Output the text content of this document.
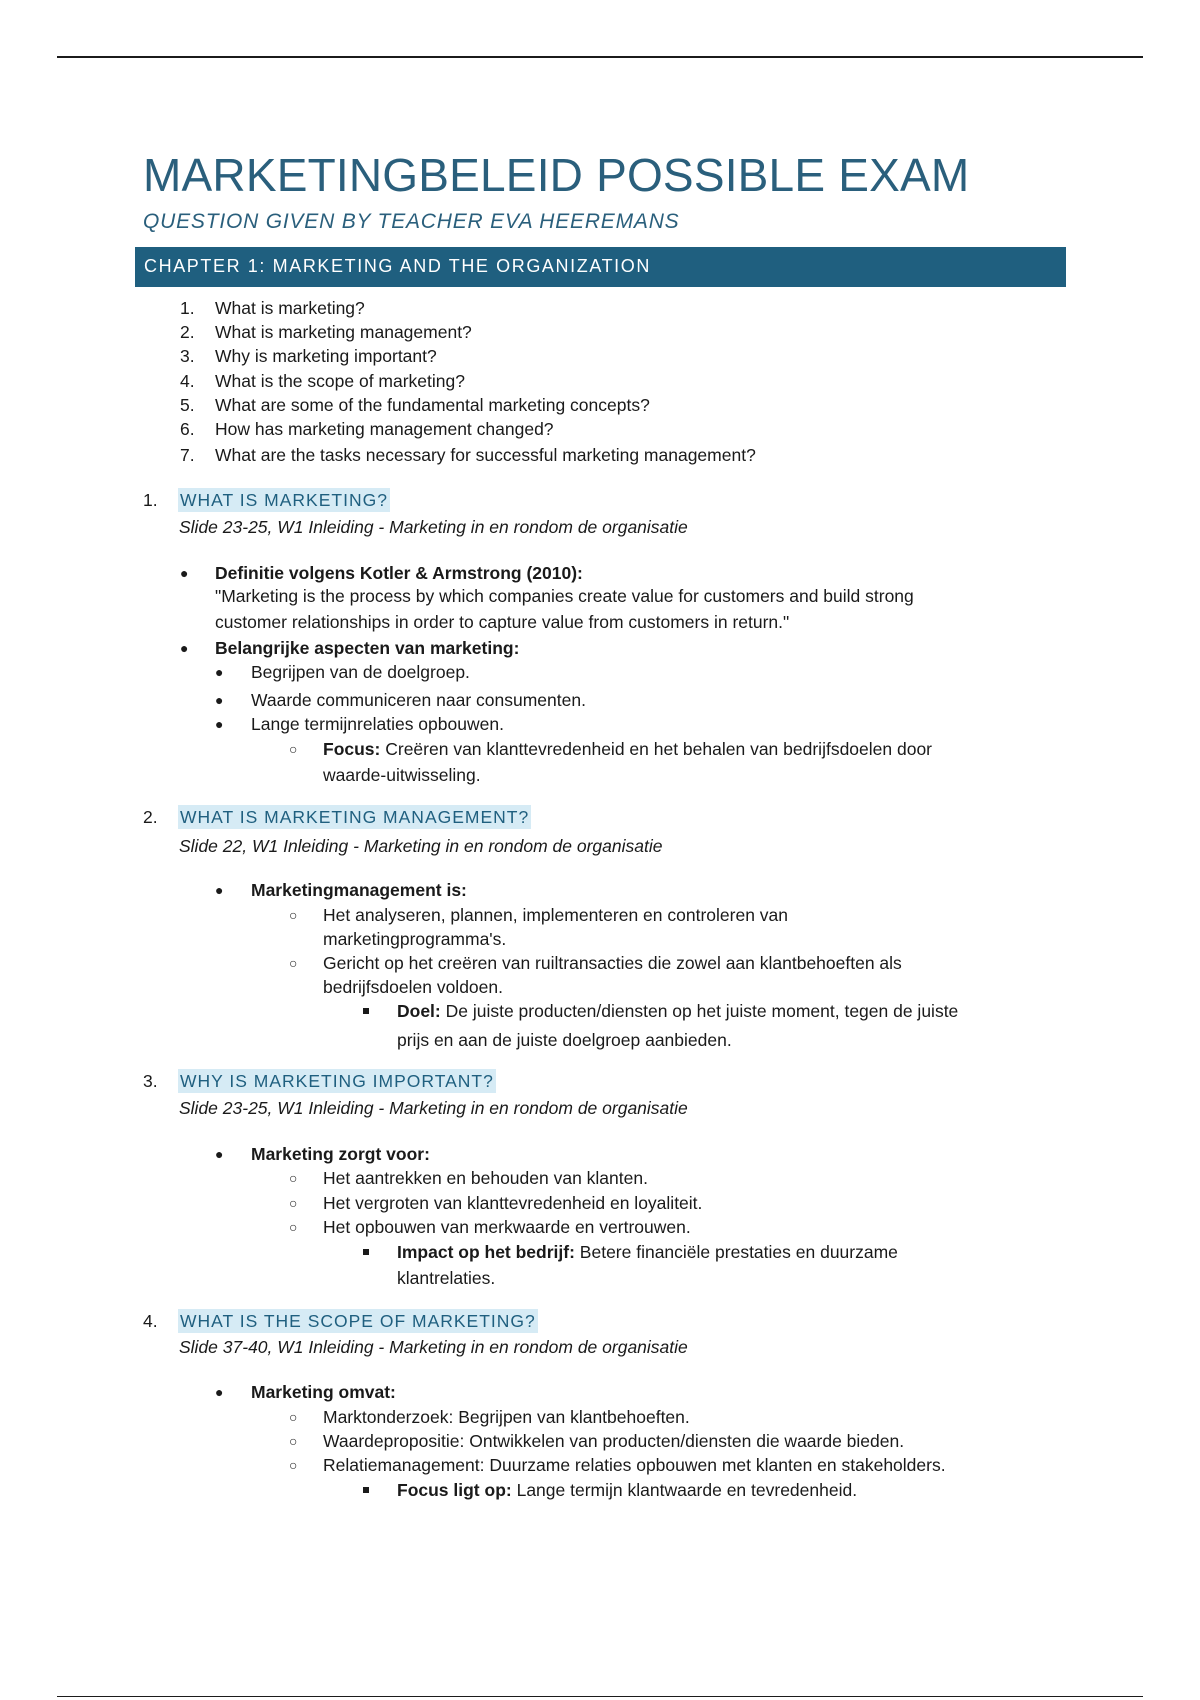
MARKETINGBELEID POSSIBLE EXAM
QUESTION GIVEN BY TEACHER EVA HEEREMANS
CHAPTER 1: MARKETING AND THE ORGANIZATION
1. What is marketing?
2. What is marketing management?
3. Why is marketing important?
4. What is the scope of marketing?
5. What are some of the fundamental marketing concepts?
6. How has marketing management changed?
7. What are the tasks necessary for successful marketing management?
1. WHAT IS MARKETING?
Slide 23-25, W1 Inleiding - Marketing in en rondom de organisatie
● Definitie volgens Kotler & Armstrong (2010):
"Marketing is the process by which companies create value for customers and build strong
customer relationships in order to capture value from customers in return."
● Belangrijke aspecten van marketing:
● Begrijpen van de doelgroep.
● Waarde communiceren naar consumenten.
● Lange termijnrelaties opbouwen.
○ Focus: Creëren van klanttevredenheid en het behalen van bedrijfsdoelen door
waarde-uitwisseling.
2. WHAT IS MARKETING MANAGEMENT?
Slide 22, W1 Inleiding - Marketing in en rondom de organisatie
● Marketingmanagement is:
○ Het analyseren, plannen, implementeren en controleren van
marketingprogramma's.
○ Gericht op het creëren van ruiltransacties die zowel aan klantbehoeften als
bedrijfsdoelen voldoen.
Doel: De juiste producten/diensten op het juiste moment, tegen de juiste
prijs en aan de juiste doelgroep aanbieden.
3. WHY IS MARKETING IMPORTANT?
Slide 23-25, W1 Inleiding - Marketing in en rondom de organisatie
● Marketing zorgt voor:
○ Het aantrekken en behouden van klanten.
○ Het vergroten van klanttevredenheid en loyaliteit.
○ Het opbouwen van merkwaarde en vertrouwen.
Impact op het bedrijf: Betere financiële prestaties en duurzame
klantrelaties.
4. WHAT IS THE SCOPE OF MARKETING?
Slide 37-40, W1 Inleiding - Marketing in en rondom de organisatie
● Marketing omvat:
○ Marktonderzoek: Begrijpen van klantbehoeften.
○ Waardepropositie: Ontwikkelen van producten/diensten die waarde bieden.
○ Relatiemanagement: Duurzame relaties opbouwen met klanten en stakeholders.
Focus ligt op: Lange termijn klantwaarde en tevredenheid.
